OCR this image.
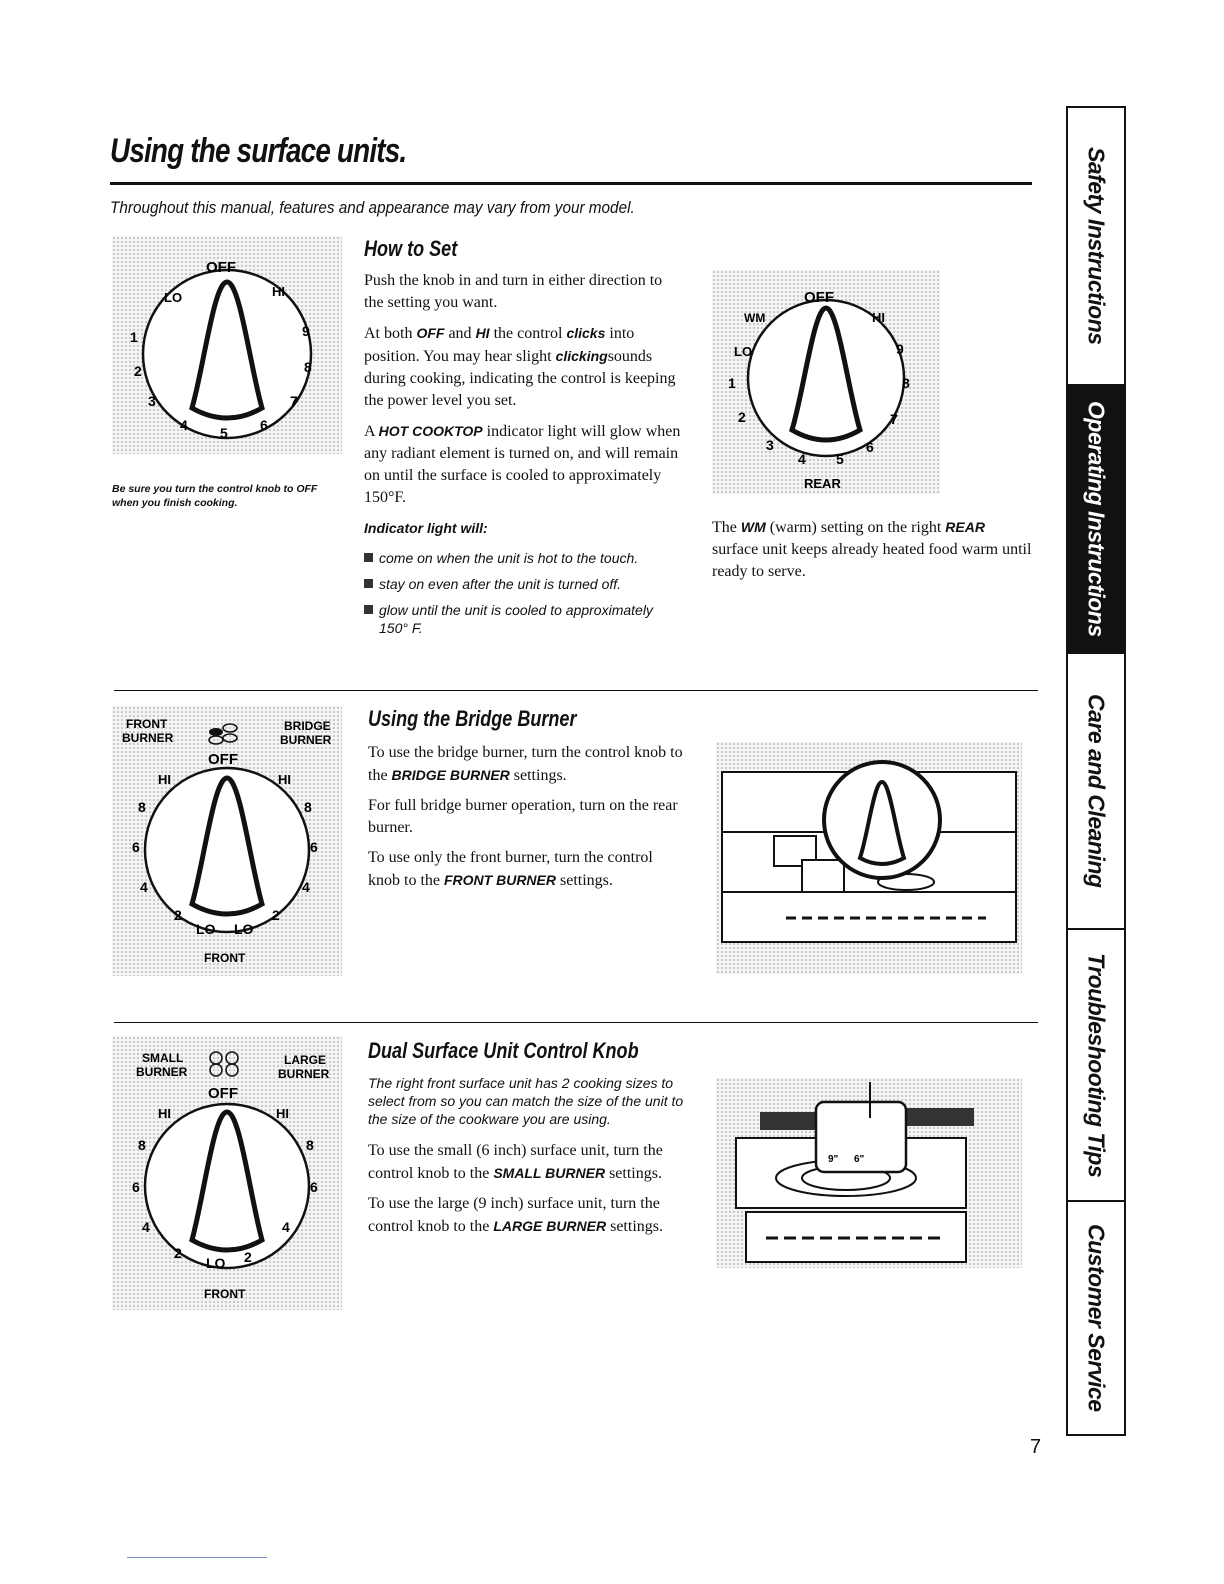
Using the surface units.
Throughout this manual, features and appearance may vary from your model.
OFF
LO	HI
1
2
3
4 5 6
7
8
9
Be sure you turn the control knob to OFF when you finish cooking.
How to Set

Push the knob in and turn in either direction to the setting you want.

At both OFF and HI the control clicks into position. You may hear slight clickingsounds during cooking, indicating the control is keeping the power level you set.

A HOT COOKTOP indicator light will glow when any radiant element is turned on, and will remain on until the surface is cooled to approximately 150°F.

Indicator light will:

come on when the unit is hot to the touch.
stay on even after the unit is turned off.
glow until the unit is cooled to approximately 150° F.
OFF
WM
LO
HI
1
2
3
4 5
6
7
8
9
REAR
The WM (warm) setting on the right REAR surface unit keeps already heated food warm until ready to serve.
FRONT
BURNER
BRIDGE
BURNER
OFF
HI	HI
8
6
4
2
8
6
4
2
LO LO
FRONT
Using the Bridge Burner

To use the bridge burner, turn the control knob to the BRIDGE BURNER settings.

For full bridge burner operation, turn on the rear burner.

To use only the front burner, turn the control knob to the FRONT BURNER settings.

SMALL
BURNER
LARGE
BURNER
OFF
HI	HI
8
6
4
2
8
6
4
2
LO
FRONT
Dual Surface Unit Control Knob

The right front surface unit has 2 cooking sizes to select from so you can match the size of the unit to the size of the cookware you are using.

To use the small (6 inch) surface unit, turn the control knob to the SMALL BURNER settings.

To use the large (9 inch) surface unit, turn the control knob to the LARGE BURNER settings.

9" 6"
Safety Instructions
Operating Instructions
Care and Cleaning
Troubleshooting Tips
Customer Service
7
